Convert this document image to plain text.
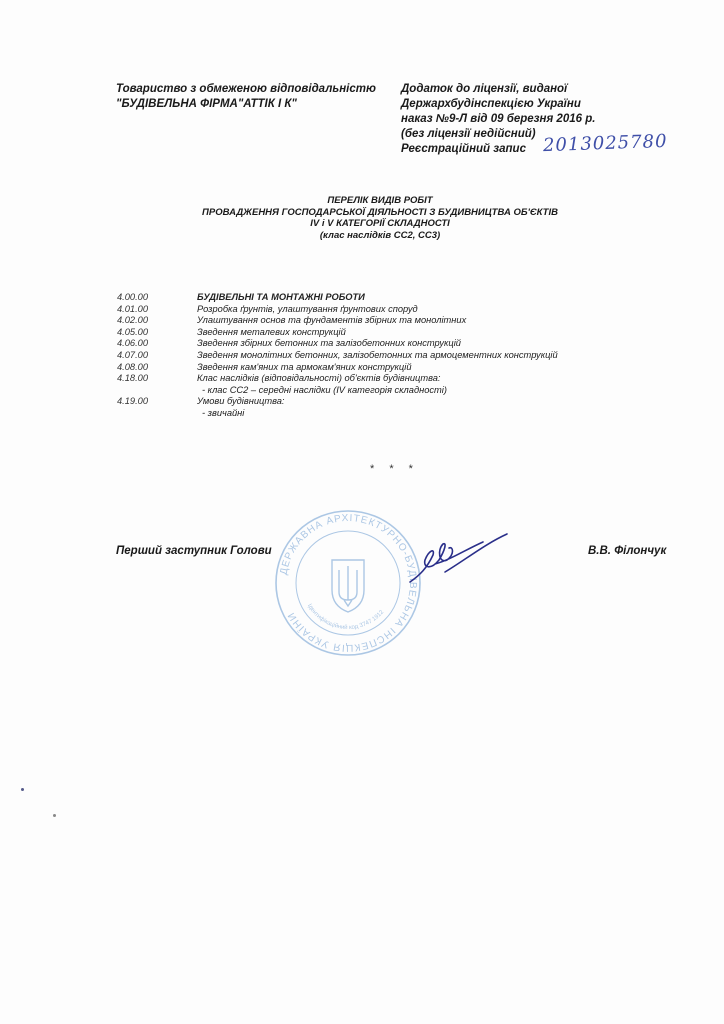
Товариство з обмеженою відповідальністю
"БУДІВЕЛЬНА ФІРМА"АТТІК І К"
Додаток до ліцензії, виданої
Держархбудінспекцією України
наказ №9-Л від 09 березня 2016 р.
(без ліцензії недійсний)
Реєстраційний запис 2013025780
ПЕРЕЛІК ВИДІВ РОБІТ
ПРОВАДЖЕННЯ ГОСПОДАРСЬКОЇ ДІЯЛЬНОСТІ З БУДИВНИЦТВА ОБ'ЄКТІВ
IV і V КАТЕГОРІЇ СКЛАДНОСТІ
(клас наслідків СС2, СС3)
4.00.00	БУДІВЕЛЬНІ ТА МОНТАЖНІ РОБОТИ
4.01.00	Розробка ґрунтів, улаштування ґрунтових споруд
4.02.00	Улаштування основ та фундаментів збірних та монолітних
4.05.00	Зведення металевих конструкцій
4.06.00	Зведення збірних бетонних та залізобетонних конструкцій
4.07.00	Зведення монолітних бетонних, залізобетонних та армоцементних конструкцій
4.08.00	Зведення кам'яних та армокам'яних конструкцій
4.18.00	Клас наслідків (відповідальності) об'єктів будівництва:
- клас СС2 – середні наслідки (IV категорія складності)
4.19.00	Умови будівництва:
- звичайні
* * *
Перший заступник Голови	В.В. Філончук
ДЕРЖАВНА АРХІТЕКТУРНО-БУДІВЕЛЬНА ІНСПЕКЦІЯ УКРАЇНИ
Ідентифікаційний код 3747 1912
